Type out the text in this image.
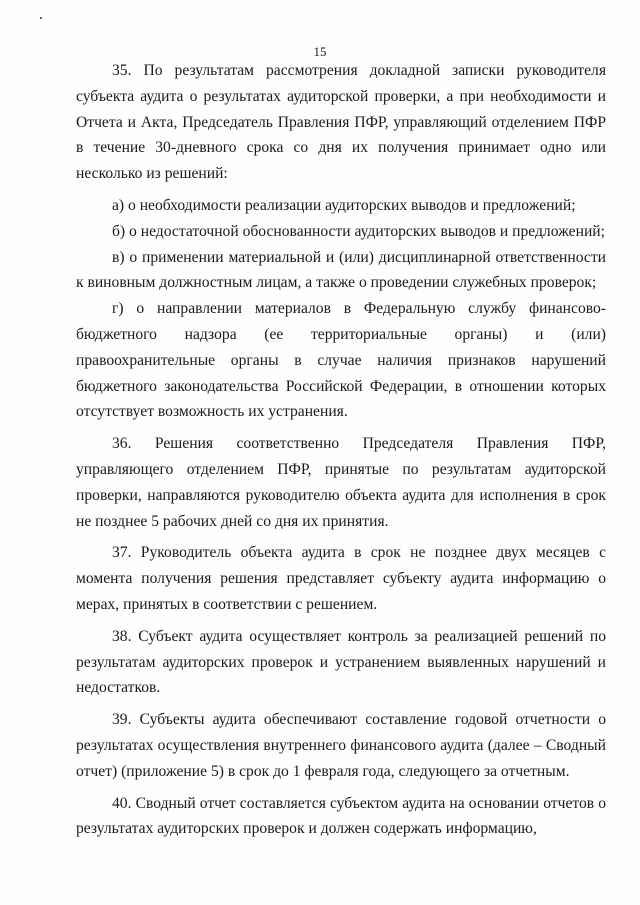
15

35. По результатам рассмотрения докладной записки руководителя субъекта аудита о результатах аудиторской проверки, а при необходимости и Отчета и Акта, Председатель Правления ПФР, управляющий отделением ПФР в течение 30-дневного срока со дня их получения принимает одно или несколько из решений:

а) о необходимости реализации аудиторских выводов и предложений;

б) о недостаточной обоснованности аудиторских выводов и предложений;

в) о применении материальной и (или) дисциплинарной ответственности к виновным должностным лицам, а также о проведении служебных проверок;

г) о направлении материалов в Федеральную службу финансово-бюджетного надзора (ее территориальные органы) и (или) правоохранительные органы в случае наличия признаков нарушений бюджетного законодательства Российской Федерации, в отношении которых отсутствует возможность их устранения.

36. Решения соответственно Председателя Правления ПФР, управляющего отделением ПФР, принятые по результатам аудиторской проверки, направляются руководителю объекта аудита для исполнения в срок не позднее 5 рабочих дней со дня их принятия.

37. Руководитель объекта аудита в срок не позднее двух месяцев с момента получения решения представляет субъекту аудита информацию о мерах, принятых в соответствии с решением.

38. Субъект аудита осуществляет контроль за реализацией решений по результатам аудиторских проверок и устранением выявленных нарушений и недостатков.

39. Субъекты аудита обеспечивают составление годовой отчетности о результатах осуществления внутреннего финансового аудита (далее – Сводный отчет) (приложение 5) в срок до 1 февраля года, следующего за отчетным.

40. Сводный отчет составляется субъектом аудита на основании отчетов о результатах аудиторских проверок и должен содержать информацию,
